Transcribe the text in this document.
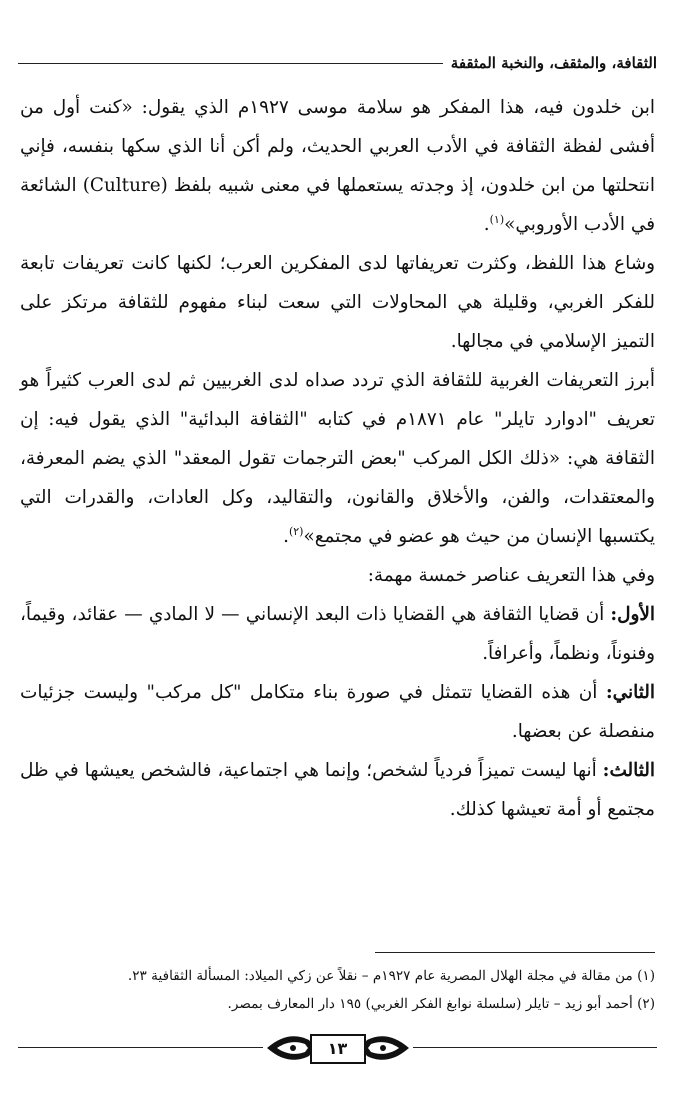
الثقافة، والمثقف، والنخبة المثقفة

ابن خلدون فيه، هذا المفكر هو سلامة موسى ١٩٢٧م الذي يقول: «كنت أول من أفشى لفظة الثقافة في الأدب العربي الحديث، ولم أكن أنا الذي سكها بنفسه، فإني انتحلتها من ابن خلدون، إذ وجدته يستعملها في معنى شبيه بلفظ (Culture) الشائعة في الأدب الأوروبي»$^{(١)}$.

وشاع هذا اللفظ، وكثرت تعريفاتها لدى المفكرين العرب؛ لكنها كانت تعريفات تابعة للفكر الغربي، وقليلة هي المحاولات التي سعت لبناء مفهوم للثقافة مرتكز على التميز الإسلامي في مجالها.

أبرز التعريفات الغربية للثقافة الذي تردد صداه لدى الغربيين ثم لدى العرب كثيراً هو تعريف "ادوارد تايلر" عام ١٨٧١م في كتابه "الثقافة البدائية" الذي يقول فيه: إن الثقافة هي: «ذلك الكل المركب "بعض الترجمات تقول المعقد" الذي يضم المعرفة، والمعتقدات، والفن، والأخلاق والقانون، والتقاليد، وكل العادات، والقدرات التي يكتسبها الإنسان من حيث هو عضو في مجتمع»$^{(٢)}$.

وفي هذا التعريف عناصر خمسة مهمة:

الأول: أن قضايا الثقافة هي القضايا ذات البعد الإنساني — لا المادي — عقائد، وقيماً، وفنوناً، ونظماً، وأعرافاً.

الثاني: أن هذه القضايا تتمثل في صورة بناء متكامل "كل مركب" وليست جزئيات منفصلة عن بعضها.

الثالث: أنها ليست تميزاً فردياً لشخص؛ وإنما هي اجتماعية، فالشخص يعيشها في ظل مجتمع أو أمة تعيشها كذلك.

(١) من مقالة في مجلة الهلال المصرية عام ١٩٢٧م – نقلاً عن زكي الميلاد: المسألة الثقافية ٢٣.

(٢) أحمد أبو زيد – تايلر (سلسلة نوابغ الفكر الغربي) ١٩٥ دار المعارف بمصر.

١٣
